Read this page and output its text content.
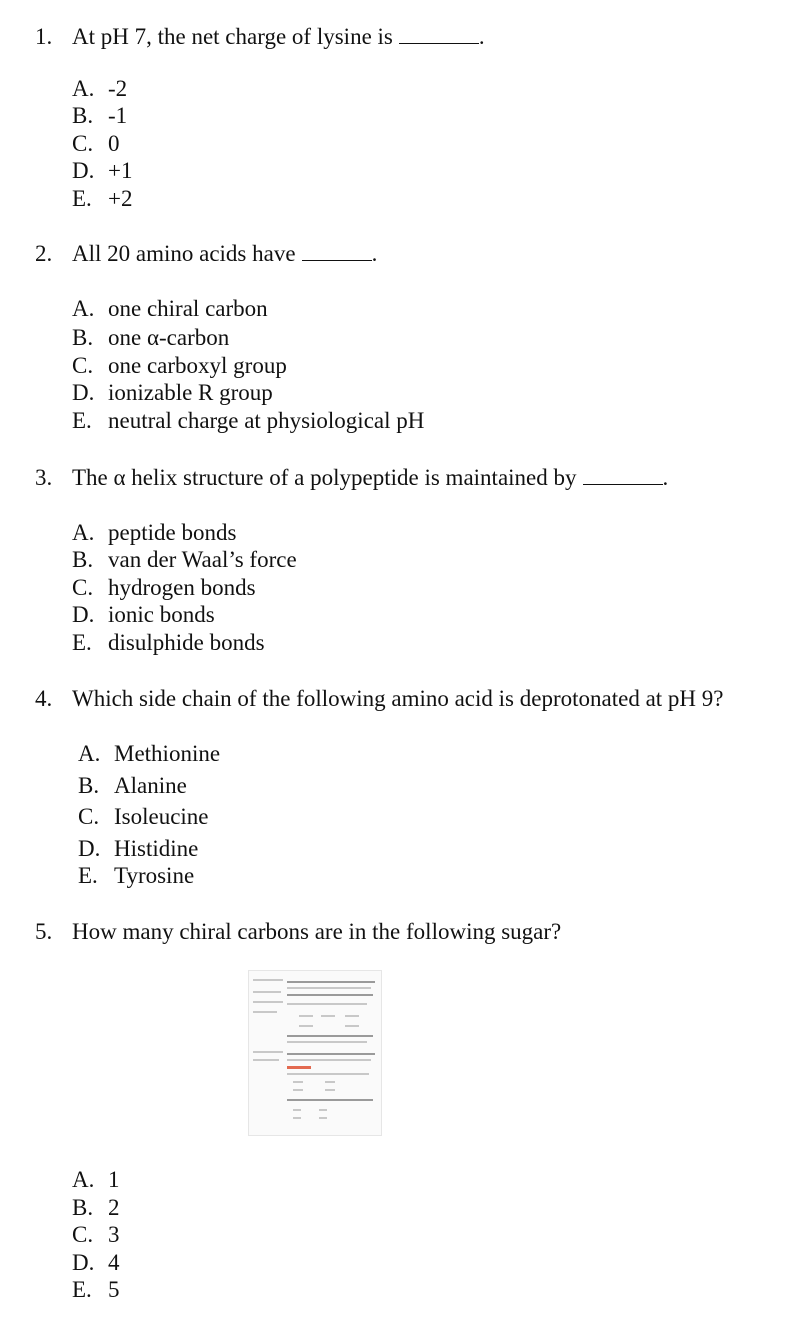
1. At pH 7, the net charge of lysine is	.
A. -2
B. -1
C. 0
D. +1
E. +2
2. All 20 amino acids have	.
A. one chiral carbon
B. one α-carbon
C. one carboxyl group
D. ionizable R group
E. neutral charge at physiological pH
3. The α helix structure of a polypeptide is maintained by	.
A. peptide bonds
B. van der Waal’s force
C. hydrogen bonds
D. ionic bonds
E. disulphide bonds
4. Which side chain of the following amino acid is deprotonated at pH 9?
A. Methionine
B. Alanine
C. Isoleucine
D. Histidine
E. Tyrosine
5. How many chiral carbons are in the following sugar?
A. 1
B. 2
C. 3
D. 4
E. 5
